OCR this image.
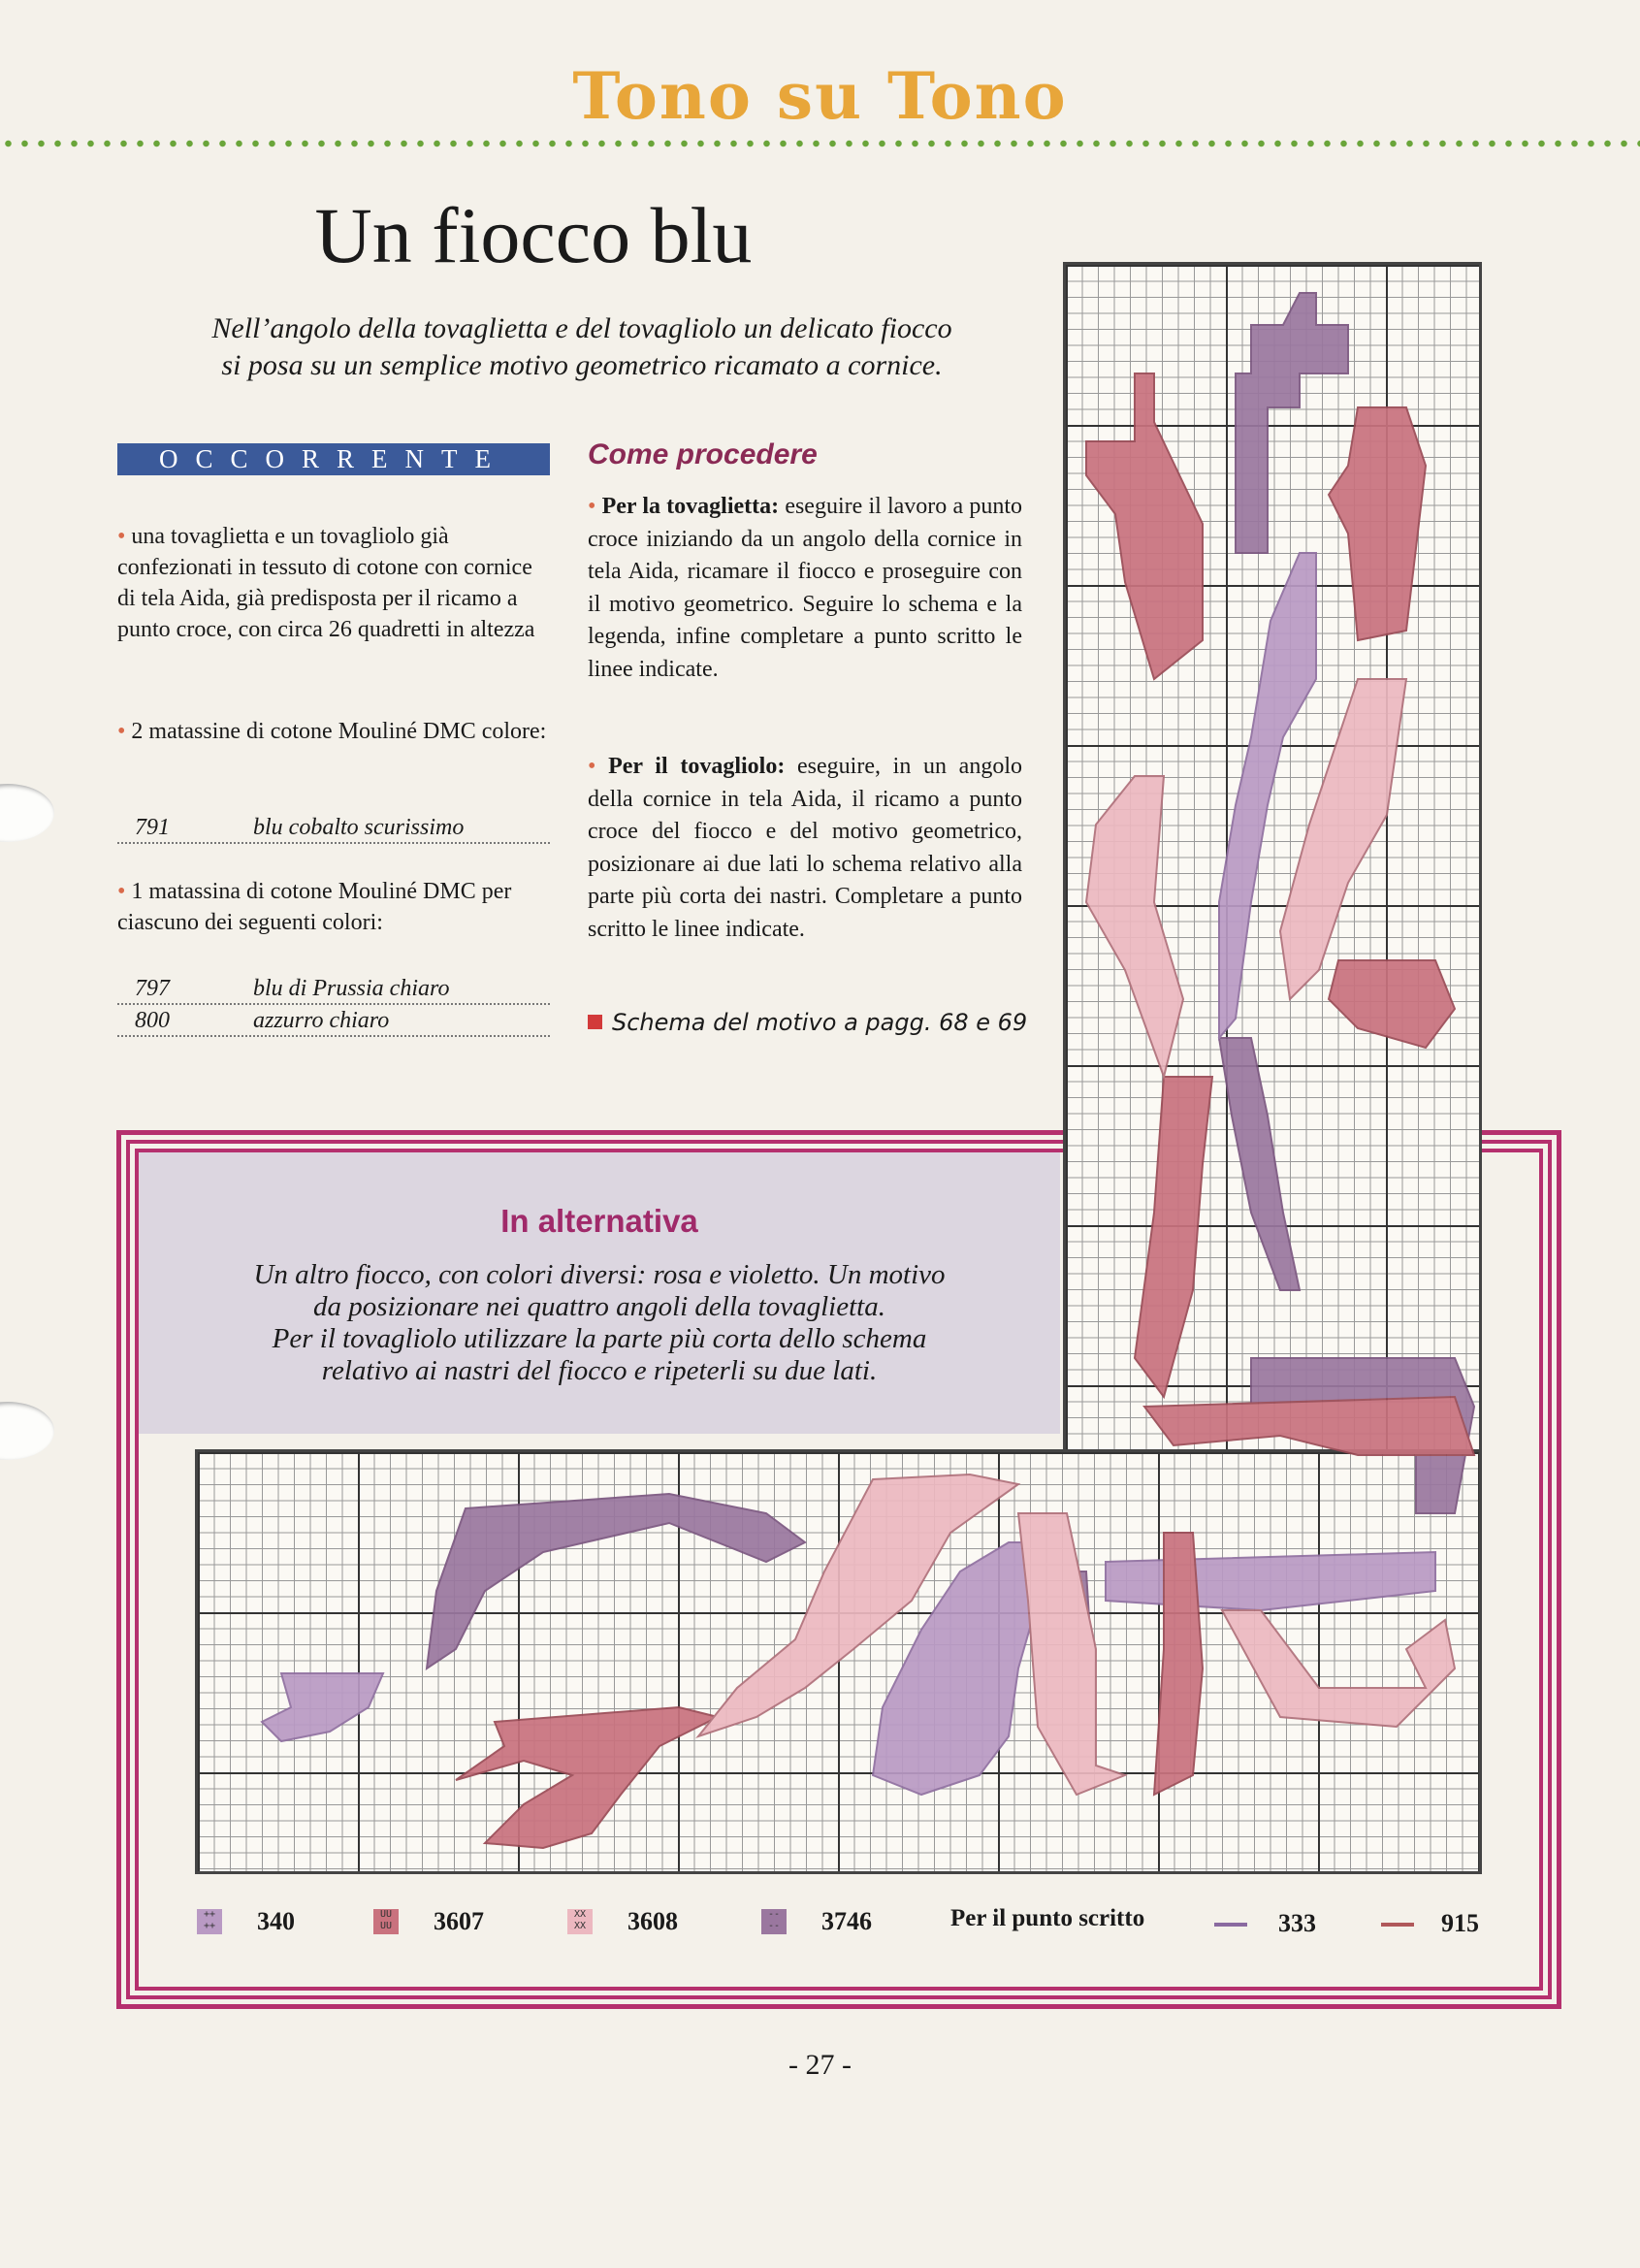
Tono su Tono
Un fiocco blu
Nell’angolo della tovaglietta e del tovagliolo un delicato fiocco
si posa su un semplice motivo geometrico ricamato a cornice.
OCCORRENTE
• una tovaglietta e un tovagliolo già confezionati in tessuto di cotone con cornice di tela Aida, già predisposta per il ricamo a punto croce, con circa 26 quadretti in altezza
• 2 matassine di cotone Mouliné DMC colore:
791	blu cobalto scurissimo
• 1 matassina di cotone Mouliné DMC per ciascuno dei seguenti colori:
797	blu di Prussia chiaro
800	azzurro chiaro
Come procedere
• Per la tovaglietta: eseguire il lavoro a punto croce iniziando da un angolo della cornice in tela Aida, ricamare il fiocco e proseguire con il motivo geometrico. Seguire lo schema e la legenda, infine completare a punto scritto le linee indicate.
• Per il tovagliolo: eseguire, in un angolo della cornice in tela Aida, il ricamo a punto croce del fiocco e del motivo geometrico, posizionare ai due lati lo schema relativo alla parte più corta dei nastri. Completare a punto scritto le linee indicate.
Schema del motivo a pagg. 68 e 69
In alternativa
Un altro fiocco, con colori diversi: rosa e violetto. Un motivo
da posizionare nei quattro angoli della tovaglietta.
Per il tovagliolo utilizzare la parte più corta dello schema
relativo ai nastri del fiocco e ripeterli su due lati.
++
++ 340	UU
UU 3607	XX
XX 3608	--
-- 3746	Per il punto scritto	333	915
- 27 -
